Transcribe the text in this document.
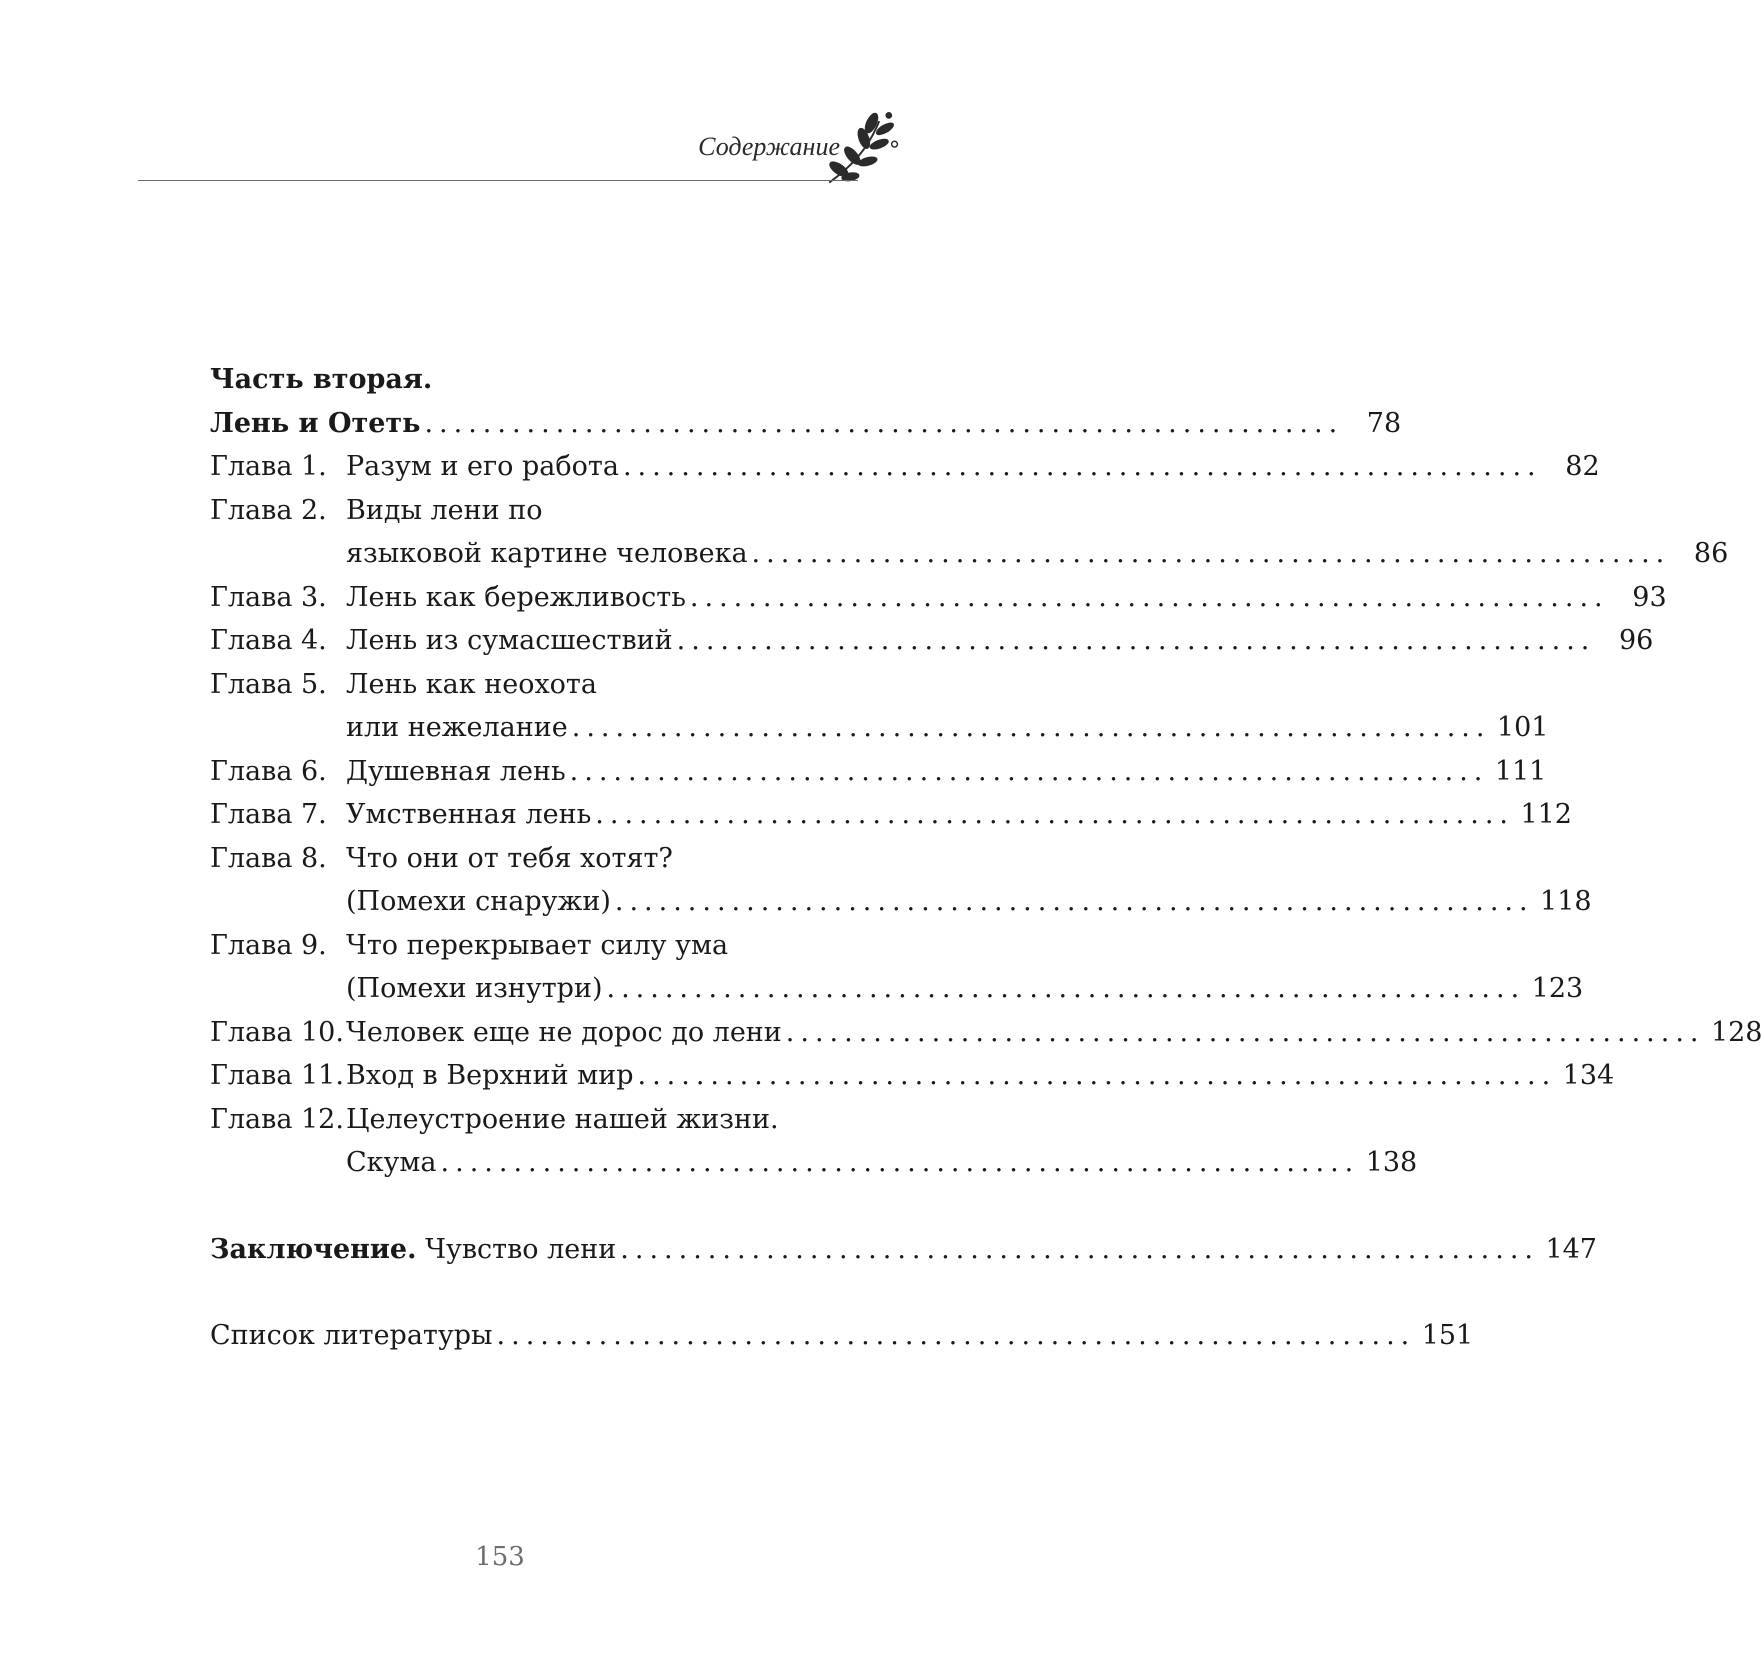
Содержание
Часть вторая.
Лень и Отеть ............................................................... 78
Глава 1. Разум и его работа ............................................................... 82
Глава 2. Виды лени по
языковой картине человека ............................................................... 86
Глава 3. Лень как бережливость ............................................................... 93
Глава 4. Лень из сумасшествий ............................................................... 96
Глава 5. Лень как неохота
или нежелание ............................................................... 101
Глава 6. Душевная лень ............................................................... 111
Глава 7. Умственная лень ............................................................... 112
Глава 8. Что они от тебя хотят?
(Помехи снаружи) ............................................................... 118
Глава 9. Что перекрывает силу ума
(Помехи изнутри) ............................................................... 123
Глава 10. Человек еще не дорос до лени ............................................................... 128
Глава 11. Вход в Верхний мир ............................................................... 134
Глава 12. Целеустроение нашей жизни.
Скума ............................................................... 138
Заключение. Чувство лени ............................................................... 147
Список литературы ............................................................... 151
153
